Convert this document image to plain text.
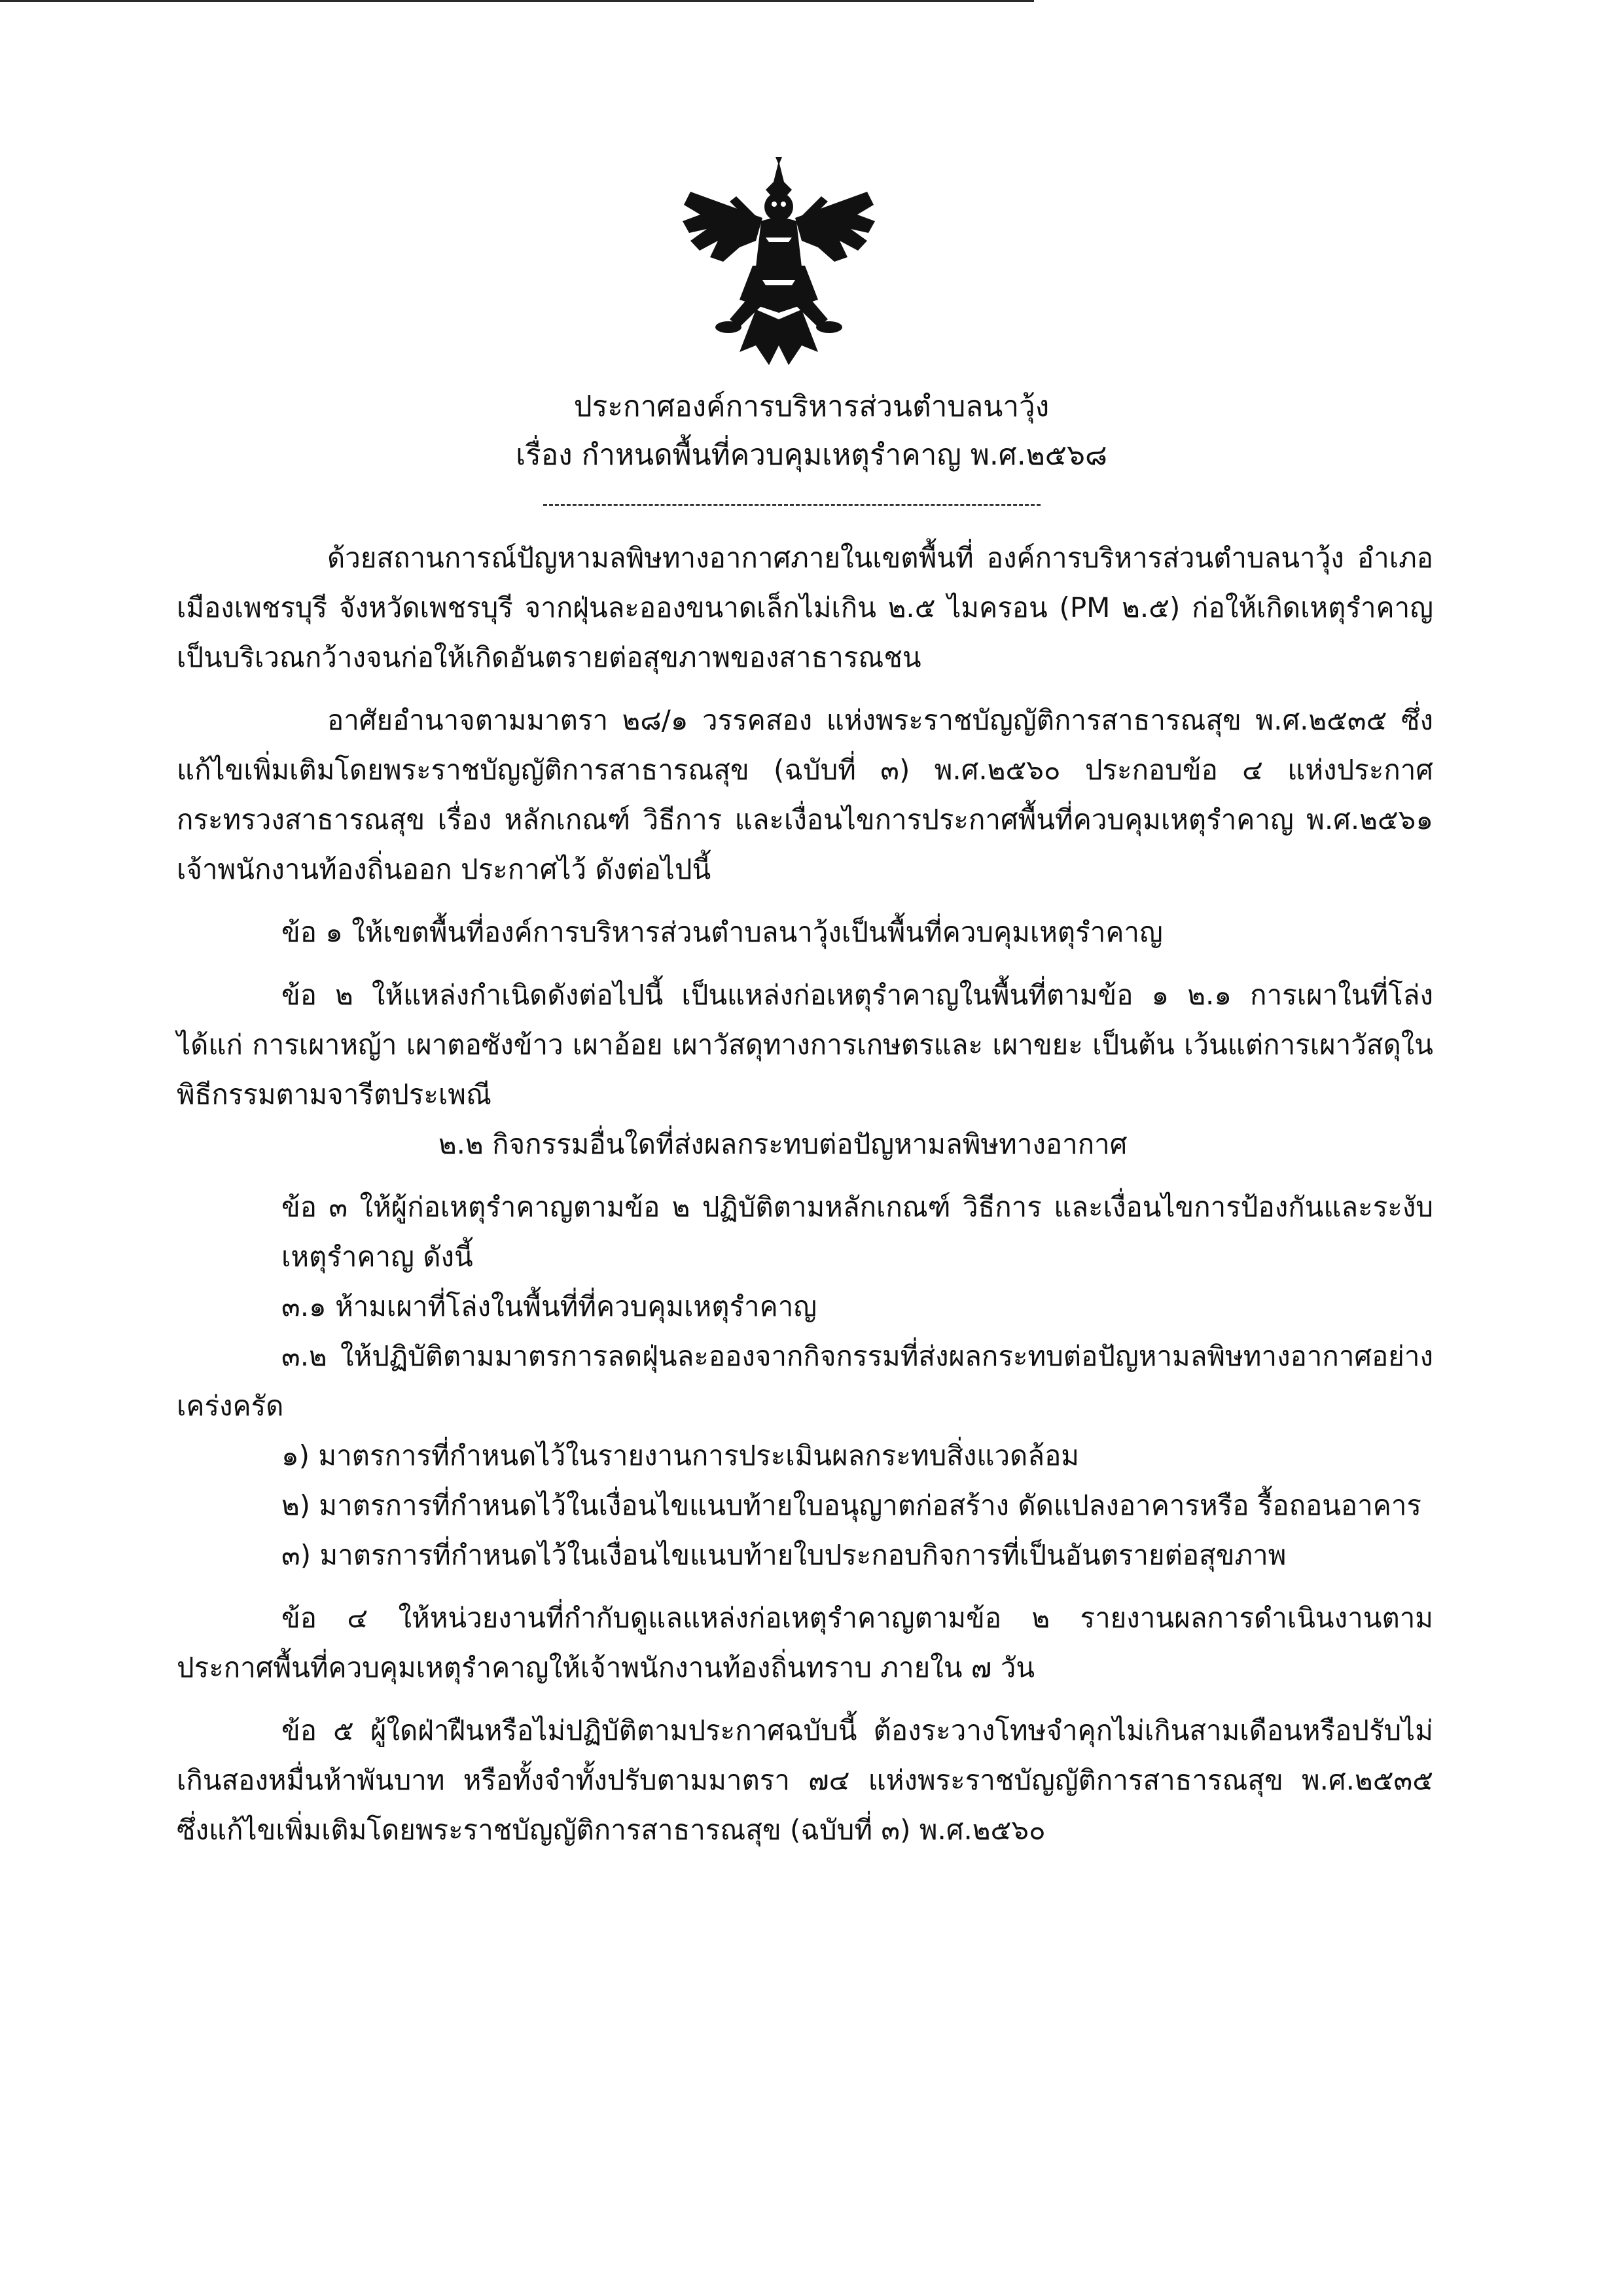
ประกาศองค์การบริหารส่วนตำบลนาวุ้ง
เรื่อง กำหนดพื้นที่ควบคุมเหตุรำคาญ พ.ศ.๒๕๖๘

ด้วยสถานการณ์ปัญหามลพิษทางอากาศภายในเขตพื้นที่ องค์การบริหารส่วนตำบลนาวุ้ง อำเภอเมืองเพชรบุรี จังหวัดเพชรบุรี จากฝุ่นละอองขนาดเล็กไม่เกิน ๒.๕ ไมครอน (PM ๒.๕) ก่อให้เกิดเหตุรำคาญเป็นบริเวณกว้างจนก่อให้เกิดอันตรายต่อสุขภาพของสาธารณชน

อาศัยอำนาจตามมาตรา ๒๘/๑ วรรคสอง แห่งพระราชบัญญัติการสาธารณสุข พ.ศ.๒๕๓๕ ซึ่งแก้ไขเพิ่มเติมโดยพระราชบัญญัติการสาธารณสุข (ฉบับที่ ๓) พ.ศ.๒๕๖๐ ประกอบข้อ ๔ แห่งประกาศกระทรวงสาธารณสุข เรื่อง หลักเกณฑ์ วิธีการ และเงื่อนไขการประกาศพื้นที่ควบคุมเหตุรำคาญ พ.ศ.๒๕๖๑ เจ้าพนักงานท้องถิ่นออก ประกาศไว้ ดังต่อไปนี้

ข้อ ๑ ให้เขตพื้นที่องค์การบริหารส่วนตำบลนาวุ้งเป็นพื้นที่ควบคุมเหตุรำคาญ

ข้อ ๒ ให้แหล่งกำเนิดดังต่อไปนี้ เป็นแหล่งก่อเหตุรำคาญในพื้นที่ตามข้อ ๑ ๒.๑ การเผาในที่โล่ง ได้แก่ การเผาหญ้า เผาตอซังข้าว เผาอ้อย เผาวัสดุทางการเกษตรและ เผาขยะ เป็นต้น เว้นแต่การเผาวัสดุในพิธีกรรมตามจารีตประเพณี

๒.๒ กิจกรรมอื่นใดที่ส่งผลกระทบต่อปัญหามลพิษทางอากาศ

ข้อ ๓ ให้ผู้ก่อเหตุรำคาญตามข้อ ๒ ปฏิบัติตามหลักเกณฑ์ วิธีการ และเงื่อนไขการป้องกันและระงับเหตุรำคาญ ดังนี้

๓.๑ ห้ามเผาที่โล่งในพื้นที่ที่ควบคุมเหตุรำคาญ

๓.๒ ให้ปฏิบัติตามมาตรการลดฝุ่นละอองจากกิจกรรมที่ส่งผลกระทบต่อปัญหามลพิษทางอากาศอย่างเคร่งครัด

๑) มาตรการที่กำหนดไว้ในรายงานการประเมินผลกระทบสิ่งแวดล้อม

๒) มาตรการที่กำหนดไว้ในเงื่อนไขแนบท้ายใบอนุญาตก่อสร้าง ดัดแปลงอาคารหรือ รื้อถอนอาคาร

๓) มาตรการที่กำหนดไว้ในเงื่อนไขแนบท้ายใบประกอบกิจการที่เป็นอันตรายต่อสุขภาพ

ข้อ ๔ ให้หน่วยงานที่กำกับดูแลแหล่งก่อเหตุรำคาญตามข้อ ๒ รายงานผลการดำเนินงานตามประกาศพื้นที่ควบคุมเหตุรำคาญให้เจ้าพนักงานท้องถิ่นทราบ ภายใน ๗ วัน

ข้อ ๕ ผู้ใดฝ่าฝืนหรือไม่ปฏิบัติตามประกาศฉบับนี้ ต้องระวางโทษจำคุกไม่เกินสามเดือนหรือปรับไม่เกินสองหมื่นห้าพันบาท หรือทั้งจำทั้งปรับตามมาตรา ๗๔ แห่งพระราชบัญญัติการสาธารณสุข พ.ศ.๒๕๓๕ ซึ่งแก้ไขเพิ่มเติมโดยพระราชบัญญัติการสาธารณสุข (ฉบับที่ ๓) พ.ศ.๒๕๖๐
